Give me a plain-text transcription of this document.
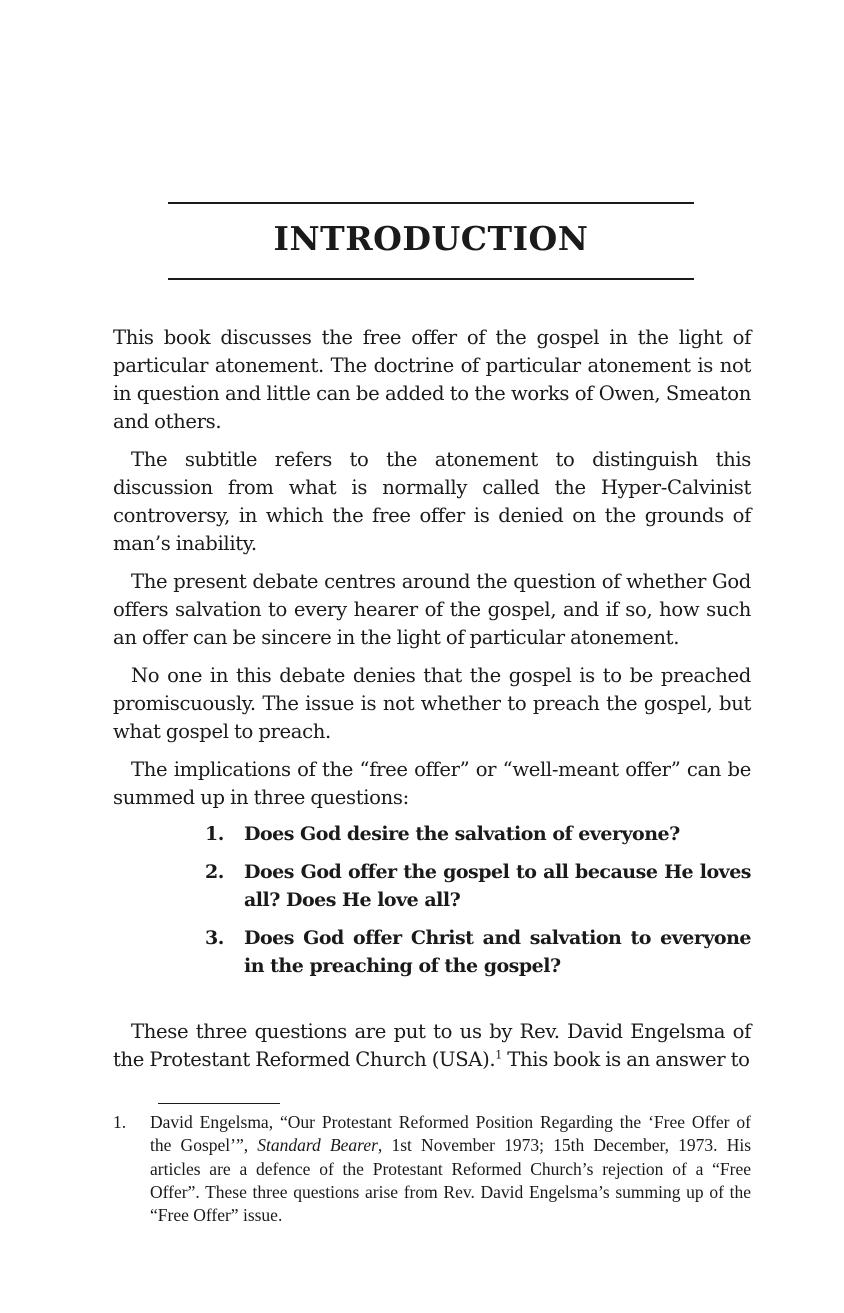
INTRODUCTION

This book discusses the free offer of the gospel in the light of particular atonement. The doctrine of particular atonement is not in question and little can be added to the works of Owen, Smeaton and others.

The subtitle refers to the atonement to distinguish this discussion from what is normally called the Hyper-Calvinist controversy, in which the free offer is denied on the grounds of man’s inability.

The present debate centres around the question of whether God offers salvation to every hearer of the gospel, and if so, how such an offer can be sincere in the light of particular atonement.

No one in this debate denies that the gospel is to be preached promiscuously. The issue is not whether to preach the gospel, but what gospel to preach.

The implications of the “free offer” or “well-meant offer” can be summed up in three questions:

1.	Does God desire the salvation of everyone?
2.	Does God offer the gospel to all because He loves all? Does He love all?
3.	Does God offer Christ and salvation to everyone in the preaching of the gospel?

These three questions are put to us by Rev. David Engelsma of the Protestant Reformed Church (USA).$^1$ This book is an answer to

1.	David Engelsma, “Our Protestant Reformed Position Regarding the ‘Free Offer of the Gospel’”, Standard Bearer, 1st November 1973; 15th December, 1973. His articles are a defence of the Protestant Reformed Church’s rejection of a “Free Offer”. These three questions arise from Rev. David Engelsma’s summing up of the “Free Offer” issue.
